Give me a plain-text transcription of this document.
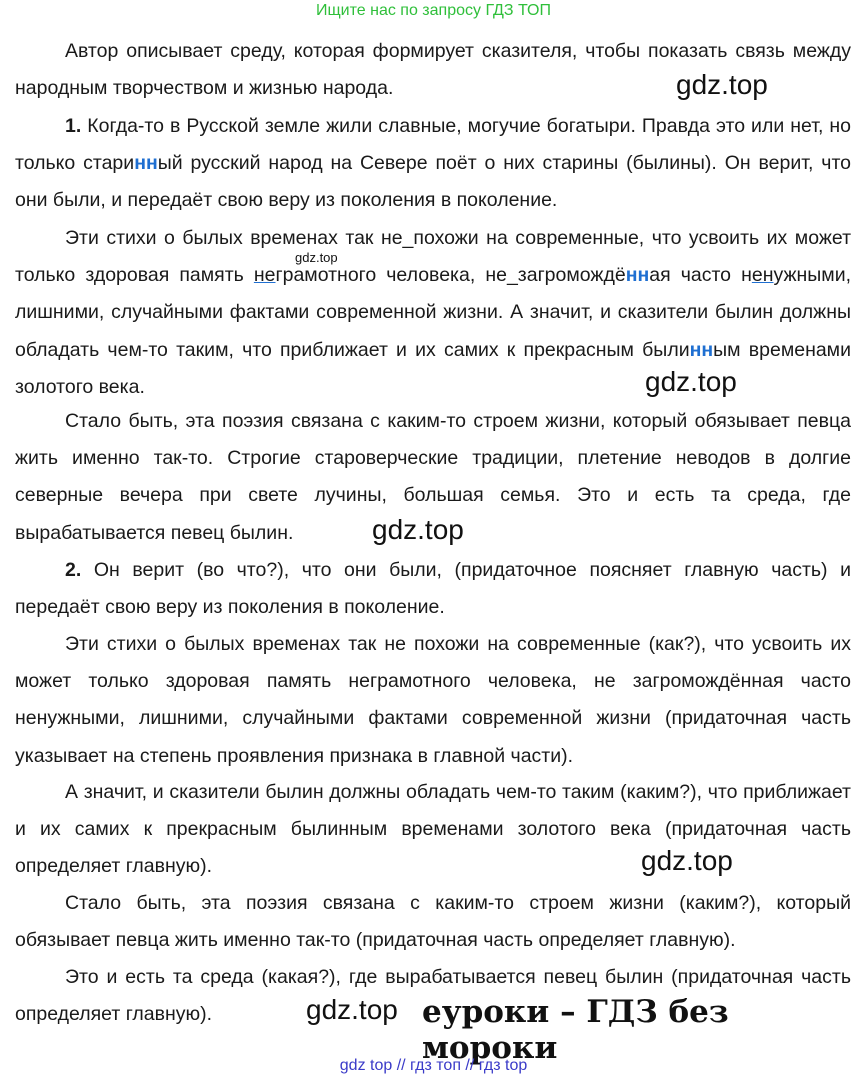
Ищите нас по запросу ГДЗ ТОП

Автор описывает среду, которая формирует сказителя, чтобы показать связь между народным творчеством и жизнью народа.

1. Когда-то в Русской земле жили славные, могучие богатыри. Правда это или нет, но только старинный русский народ на Севере поёт о них старины (былины). Он верит, что они были, и передаёт свою веру из поколения в поколение.

Эти стихи о былых временах так не_похожи на современные, что усвоить их может только здоровая память неграмотного человека, не_загромождённая часто ненужными, лишними, случайными фактами современной жизни. А значит, и сказители былин должны обладать чем-то таким, что приближает и их самих к прекрасным былинным временами золотого века.

Стало быть, эта поэзия связана с каким-то строем жизни, который обязывает певца жить именно так-то. Строгие староверческие традиции, плетение неводов в долгие северные вечера при свете лучины, большая семья. Это и есть та среда, где вырабатывается певец былин.

2. Он верит (во что?), что они были, (придаточное поясняет главную часть) и передаёт свою веру из поколения в поколение.

Эти стихи о былых временах так не похожи на современные (как?), что усвоить их может только здоровая память неграмотного человека, не загромождённая часто ненужными, лишними, случайными фактами современной жизни (придаточная часть указывает на степень проявления признака в главной части).

А значит, и сказители былин должны обладать чем-то таким (каким?), что приближает и их самих к прекрасным былинным временами золотого века (придаточная часть определяет главную).

Стало быть, эта поэзия связана с каким-то строем жизни (каким?), который обязывает певца жить именно так-то (придаточная часть определяет главную).

Это и есть та среда (какая?), где вырабатывается певец былин (придаточная часть определяет главную).

gdz.top
gdz.top
gdz.top
gdz.top
gdz.top
gdz.top еуроки – ГДЗ без мороки
gdz top // гдз топ // гдз top
